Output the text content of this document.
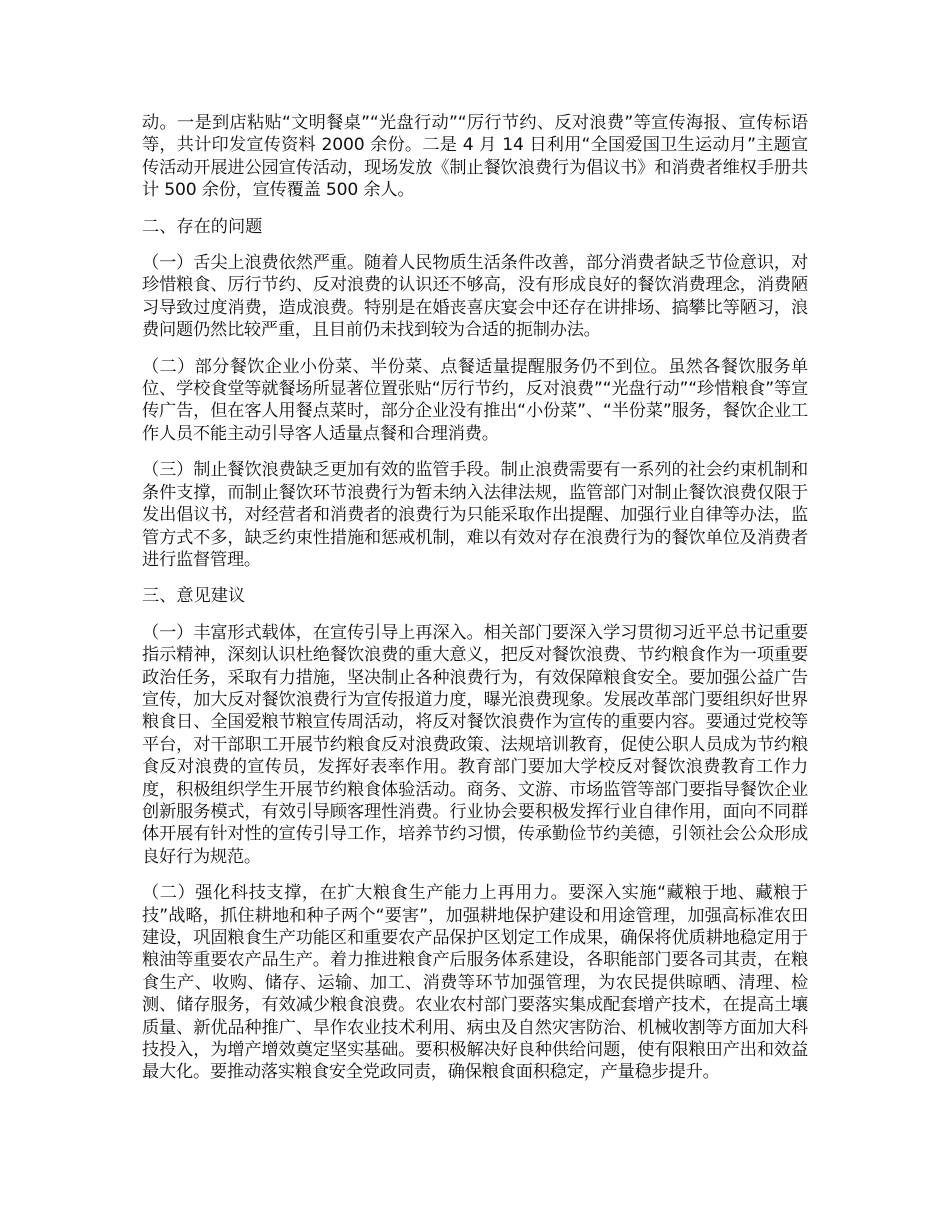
动。一是到店粘贴“文明餐桌”“光盘行动”“厉行节约、反对浪费”等宣传海报、宣传标语等，共计印发宣传资料 2000 余份。二是 4 月 14 日利用“全国爱国卫生运动月”主题宣传活动开展进公园宣传活动，现场发放《制止餐饮浪费行为倡议书》和消费者维权手册共计 500 余份，宣传覆盖 500 余人。

二、存在的问题

（一）舌尖上浪费依然严重。随着人民物质生活条件改善，部分消费者缺乏节俭意识，对珍惜粮食、厉行节约、反对浪费的认识还不够高，没有形成良好的餐饮消费理念，消费陋习导致过度消费，造成浪费。特别是在婚丧喜庆宴会中还存在讲排场、搞攀比等陋习，浪费问题仍然比较严重，且目前仍未找到较为合适的扼制办法。

（二）部分餐饮企业小份菜、半份菜、点餐适量提醒服务仍不到位。虽然各餐饮服务单位、学校食堂等就餐场所显著位置张贴“厉行节约，反对浪费”“光盘行动”“珍惜粮食”等宣传广告，但在客人用餐点菜时，部分企业没有推出“小份菜”、“半份菜”服务，餐饮企业工作人员不能主动引导客人适量点餐和合理消费。

（三）制止餐饮浪费缺乏更加有效的监管手段。制止浪费需要有一系列的社会约束机制和条件支撑，而制止餐饮环节浪费行为暂未纳入法律法规，监管部门对制止餐饮浪费仅限于发出倡议书，对经营者和消费者的浪费行为只能采取作出提醒、加强行业自律等办法，监管方式不多，缺乏约束性措施和惩戒机制，难以有效对存在浪费行为的餐饮单位及消费者进行监督管理。

三、意见建议

（一）丰富形式载体，在宣传引导上再深入。相关部门要深入学习贯彻习近平总书记重要指示精神，深刻认识杜绝餐饮浪费的重大意义，把反对餐饮浪费、节约粮食作为一项重要政治任务，采取有力措施，坚决制止各种浪费行为，有效保障粮食安全。要加强公益广告宣传，加大反对餐饮浪费行为宣传报道力度，曝光浪费现象。发展改革部门要组织好世界粮食日、全国爱粮节粮宣传周活动，将反对餐饮浪费作为宣传的重要内容。要通过党校等平台，对干部职工开展节约粮食反对浪费政策、法规培训教育，促使公职人员成为节约粮食反对浪费的宣传员，发挥好表率作用。教育部门要加大学校反对餐饮浪费教育工作力度，积极组织学生开展节约粮食体验活动。商务、文游、市场监管等部门要指导餐饮企业创新服务模式，有效引导顾客理性消费。行业协会要积极发挥行业自律作用，面向不同群体开展有针对性的宣传引导工作，培养节约习惯，传承勤俭节约美德，引领社会公众形成良好行为规范。

（二）强化科技支撑，在扩大粮食生产能力上再用力。要深入实施“藏粮于地、藏粮于技”战略，抓住耕地和种子两个“要害”，加强耕地保护建设和用途管理，加强高标准农田建设，巩固粮食生产功能区和重要农产品保护区划定工作成果，确保将优质耕地稳定用于粮油等重要农产品生产。着力推进粮食产后服务体系建设，各职能部门要各司其责，在粮食生产、收购、储存、运输、加工、消费等环节加强管理，为农民提供晾晒、清理、检测、储存服务，有效减少粮食浪费。农业农村部门要落实集成配套增产技术，在提高土壤质量、新优品种推广、旱作农业技术利用、病虫及自然灾害防治、机械收割等方面加大科技投入，为增产增效奠定坚实基础。要积极解决好良种供给问题，使有限粮田产出和效益最大化。要推动落实粮食安全党政同责，确保粮食面积稳定，产量稳步提升。
